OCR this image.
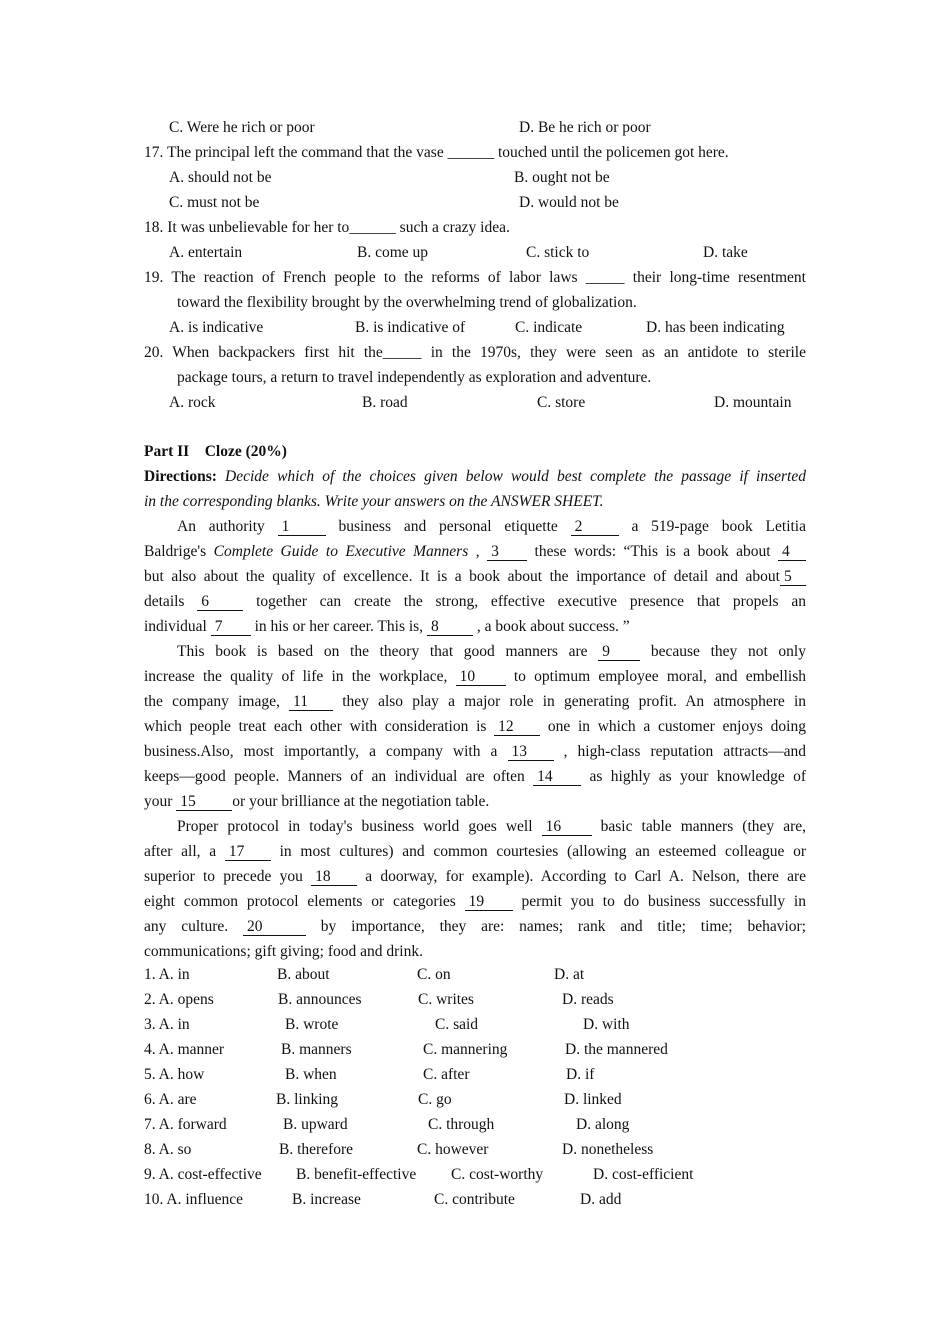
C. Were he rich or poor	D. Be he rich or poor
17. The principal left the command that the vase ______ touched until the policemen got here.
A. should not be	B. ought not be
C. must not be	D. would not be
18. It was unbelievable for her to______ such a crazy idea.
A. entertain	B. come up	C. stick to	D. take
19. The reaction of French people to the reforms of labor laws _____ their long-time resentment
toward the flexibility brought by the overwhelming trend of globalization.
A. is indicative	B. is indicative of	C. indicate	D. has been indicating
20. When backpackers first hit the_____ in the 1970s, they were seen as an antidote to sterile
package tours, a return to travel independently as exploration and adventure.
A. rock	B. road	C. store	D. mountain
Part II    Cloze (20%)
Directions: Decide which of the choices given below would best complete the passage if inserted
in the corresponding blanks. Write your answers on the ANSWER SHEET.
An authority 1 business and personal etiquette 2 a 519-page book Letitia
Baldrige's Complete Guide to Executive Manners , 3 these words: “This is a book about 4
but also about the quality of excellence. It is a book about the importance of detail and about 5
details 6 together can create the strong, effective executive presence that propels an
individual 7 in his or her career. This is, 8 , a book about success. ”
This book is based on the theory that good manners are 9 because they not only
increase the quality of life in the workplace, 10 to optimum employee moral, and embellish
the company image, 11 they also play a major role in generating profit. An atmosphere in
which people treat each other with consideration is 12 one in which a customer enjoys doing
business.Also, most importantly, a company with a 13 , high-class reputation attracts—and
keeps—good people. Manners of an individual are often 14 as highly as your knowledge of
your 15 or your brilliance at the negotiation table.
Proper protocol in today's business world goes well 16 basic table manners (they are,
after all, a 17 in most cultures) and common courtesies (allowing an esteemed colleague or
superior to precede you 18 a doorway, for example). According to Carl A. Nelson, there are
eight common protocol elements or categories 19 permit you to do business successfully in
any culture. 20	by importance, they are: names; rank and title; time; behavior;
communications; gift giving; food and drink.
1. A. in	B. about	C. on	D. at
2. A. opens	B. announces	C. writes	D. reads
3. A. in	B. wrote	C. said	D. with
4. A. manner	B. manners	C. mannering	D. the mannered
5. A. how	B. when	C. after	D. if
6. A. are	B. linking	C. go	D. linked
7. A. forward	B. upward	C. through	D. along
8. A. so	B. therefore	C. however	D. nonetheless
9. A. cost-effective B. benefit-effective C. cost-worthy	D. cost-efficient
10. A. influence	B. increase	C. contribute	D. add
